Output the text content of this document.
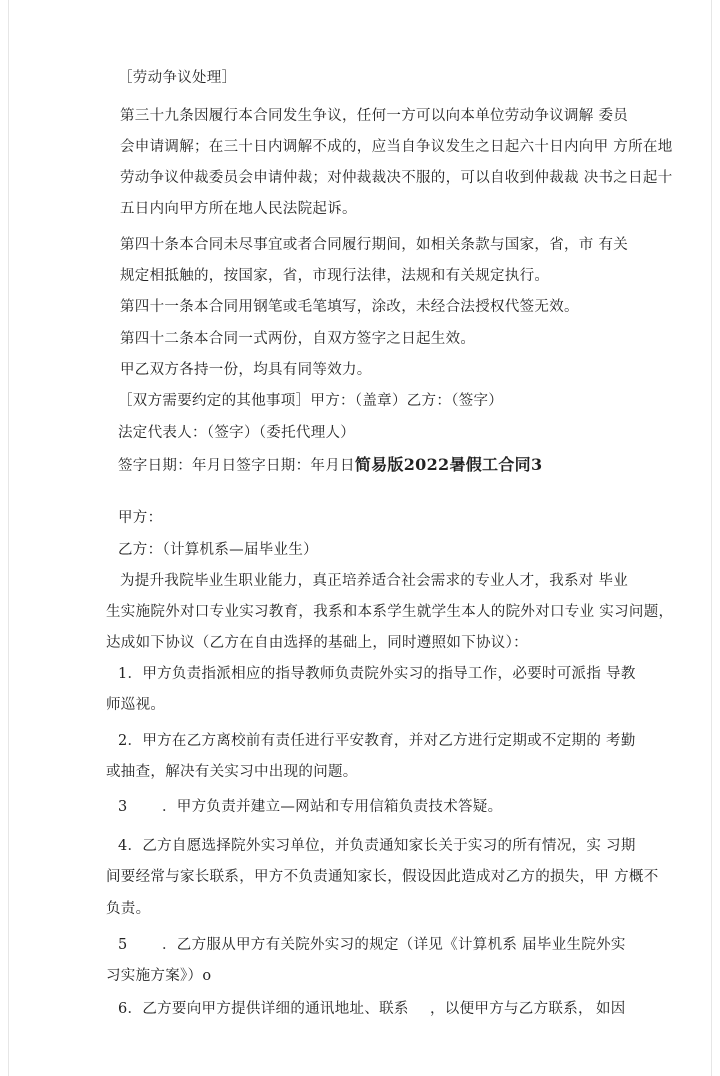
［劳动争议处理］
第三十九条因履行本合同发生争议，任何一方可以向本单位劳动争议调解 委员
会申请调解；在三十日内调解不成的，应当自争议发生之日起六十日内向甲 方所在地
劳动争议仲裁委员会申请仲裁；对仲裁裁决不服的，可以自收到仲裁裁 决书之日起十
五日内向甲方所在地人民法院起诉。
第四十条本合同未尽事宜或者合同履行期间，如相关条款与国家，省，市 有关
规定相抵触的，按国家，省，市现行法律，法规和有关规定执行。
第四十一条本合同用钢笔或毛笔填写，涂改，未经合法授权代签无效。
第四十二条本合同一式两份，自双方签字之日起生效。
甲乙双方各持一份，均具有同等效力。
［双方需要约定的其他事项］甲方：（盖章）乙方：（签字）
法定代表人：（签字）（委托代理人）
签字日期：年月日签字日期：年月日简易版2022暑假工合同3
甲方：
乙方：（计算机系—届毕业生）
为提升我院毕业生职业能力，真正培养适合社会需求的专业人才，我系对 毕业
生实施院外对口专业实习教育，我系和本系学生就学生本人的院外对口专业 实习问题，
达成如下协议（乙方在自由选择的基础上，同时遵照如下协议）：
1．甲方负责指派相应的指导教师负责院外实习的指导工作，必要时可派指 导教
师巡视。
2．甲方在乙方离校前有责任进行平安教育，并对乙方进行定期或不定期的 考勤
或抽查，解决有关实习中出现的问题。
3 ．甲方负责并建立—网站和专用信箱负责技术答疑。
4．乙方自愿选择院外实习单位，并负责通知家长关于实习的所有情况，实 习期
间要经常与家长联系，甲方不负责通知家长，假设因此造成对乙方的损失，甲 方概不
负责。
5 ．乙方服从甲方有关院外实习的规定（详见《计算机系 届毕业生院外实
习实施方案》）o
6．乙方要向甲方提供详细的通讯地址、联系 ，以便甲方与乙方联系， 如因
